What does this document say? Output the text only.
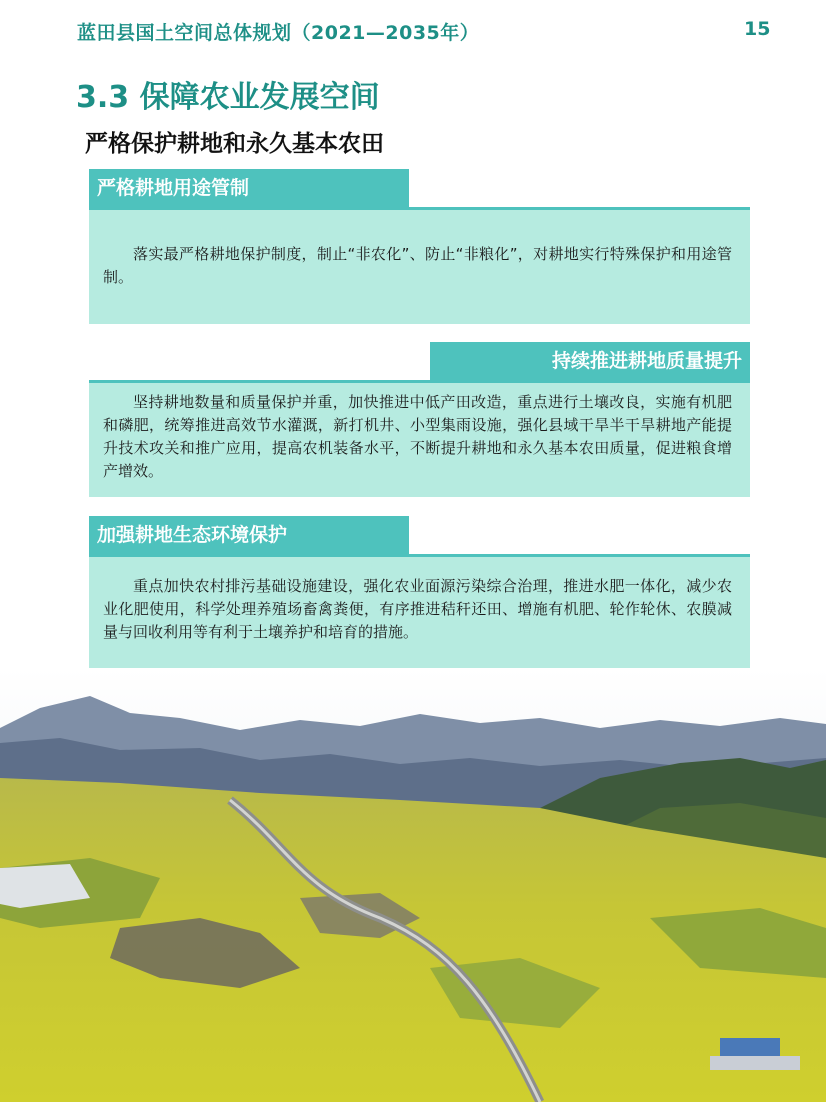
蓝田县国土空间总体规划（2021—2035年）	15
3.3 保障农业发展空间
严格保护耕地和永久基本农田
严格耕地用途管制
落实最严格耕地保护制度，制止“非农化”、防止“非粮化”，对耕地实行特殊保护和用途管制。
持续推进耕地质量提升
坚持耕地数量和质量保护并重，加快推进中低产田改造，重点进行土壤改良，实施有机肥和磷肥，统筹推进高效节水灌溉，新打机井、小型集雨设施，强化县域干旱半干旱耕地产能提升技术攻关和推广应用，提高农机装备水平，不断提升耕地和永久基本农田质量，促进粮食增产增效。
加强耕地生态环境保护
重点加快农村排污基础设施建设，强化农业面源污染综合治理，推进水肥一体化，减少农业化肥使用，科学处理养殖场畜禽粪便，有序推进秸秆还田、增施有机肥、轮作轮休、农膜减量与回收利用等有利于土壤养护和培育的措施。
